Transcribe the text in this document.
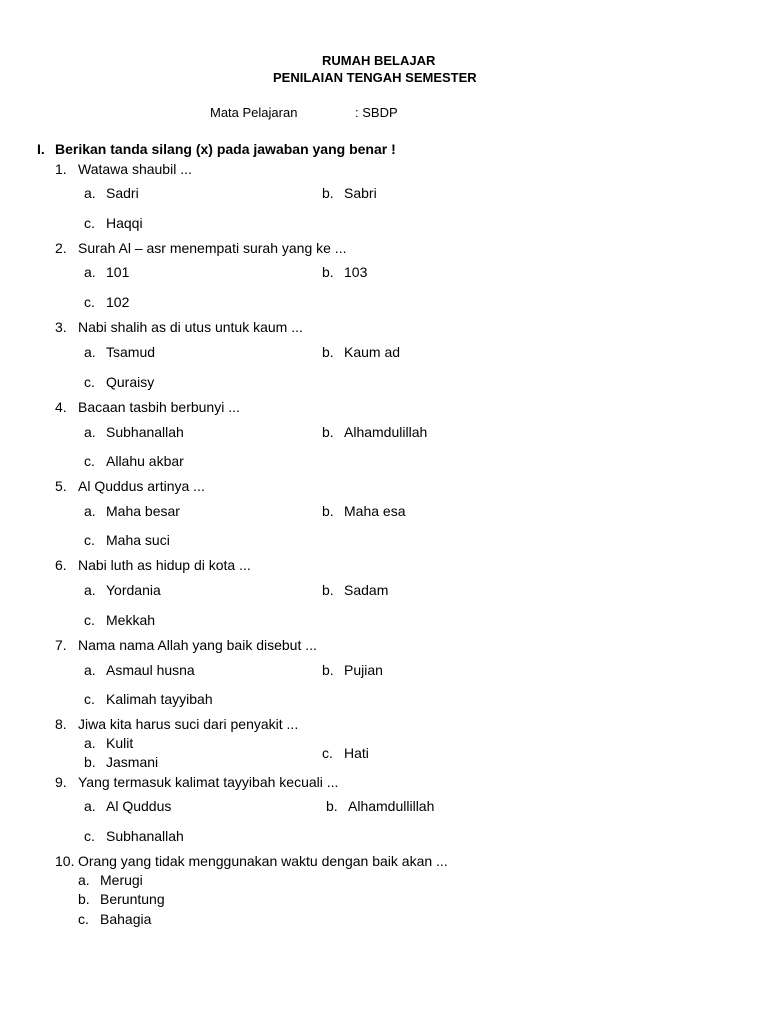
RUMAH BELAJAR
PENILAIAN TENGAH SEMESTER
Mata Pelajaran	: SBDP
I. Berikan tanda silang (x) pada jawaban yang benar !
1. Watawa shaubil ...
a. Sadri	b. Sabri
c. Haqqi
2. Surah Al – asr menempati surah yang ke ...
a. 101	b. 103
c. 102
3. Nabi shalih as di utus untuk kaum ...
a. Tsamud	b. Kaum ad
c. Quraisy
4. Bacaan tasbih berbunyi ...
a. Subhanallah	b. Alhamdulillah
c. Allahu akbar
5. Al Quddus artinya ...
a. Maha besar	b. Maha esa
c. Maha suci
6. Nabi luth as hidup di kota ...
a. Yordania	b. Sadam
c. Mekkah
7. Nama nama Allah yang baik disebut ...
a. Asmaul husna	b. Pujian
c. Kalimah tayyibah
8. Jiwa kita harus suci dari penyakit ...
a. Kulit
b. Jasmani
c. Hati
9. Yang termasuk kalimat tayyibah kecuali ...
a. Al Quddus	b. Alhamdullillah
c. Subhanallah
10. Orang yang tidak menggunakan waktu dengan baik akan ...
a. Merugi
b. Beruntung
c. Bahagia
